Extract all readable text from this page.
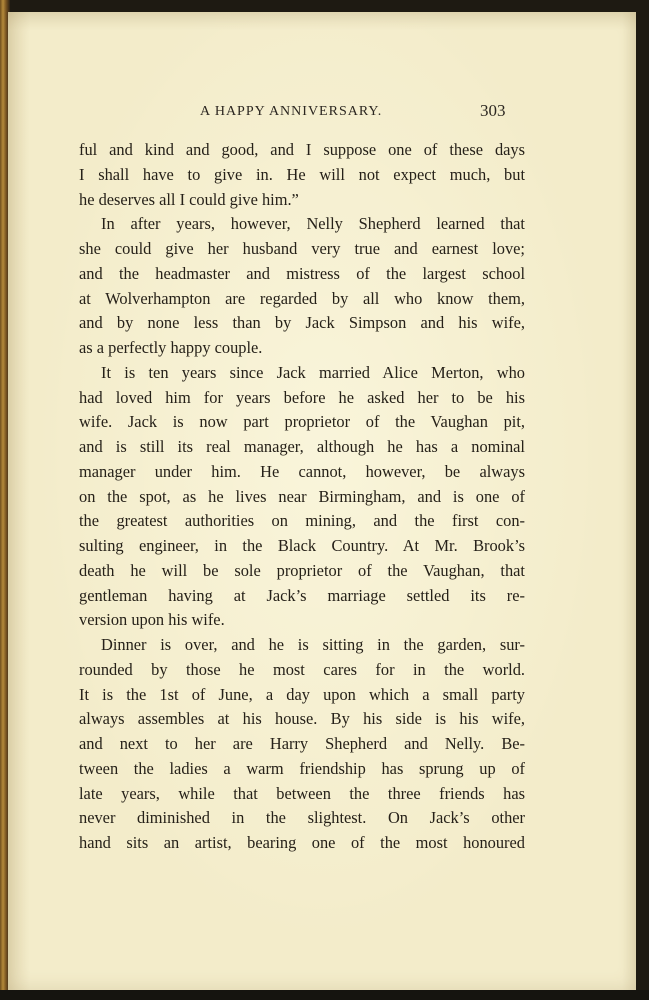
A HAPPY ANNIVERSARY.	303
ful and kind and good, and I suppose one of these days
I shall have to give in. He will not expect much, but
he deserves all I could give him.”
In after years, however, Nelly Shepherd learned that
she could give her husband very true and earnest love;
and the headmaster and mistress of the largest school
at Wolverhampton are regarded by all who know them,
and by none less than by Jack Simpson and his wife,
as a perfectly happy couple.
It is ten years since Jack married Alice Merton, who
had loved him for years before he asked her to be his
wife. Jack is now part proprietor of the Vaughan pit,
and is still its real manager, although he has a nominal
manager under him. He cannot, however, be always
on the spot, as he lives near Birmingham, and is one of
the greatest authorities on mining, and the first con-
sulting engineer, in the Black Country. At Mr. Brook’s
death he will be sole proprietor of the Vaughan, that
gentleman having at Jack’s marriage settled its re-
version upon his wife.
Dinner is over, and he is sitting in the garden, sur-
rounded by those he most cares for in the world.
It is the 1st of June, a day upon which a small party
always assembles at his house. By his side is his wife,
and next to her are Harry Shepherd and Nelly. Be-
tween the ladies a warm friendship has sprung up of
late years, while that between the three friends has
never diminished in the slightest. On Jack’s other
hand sits an artist, bearing one of the most honoured
